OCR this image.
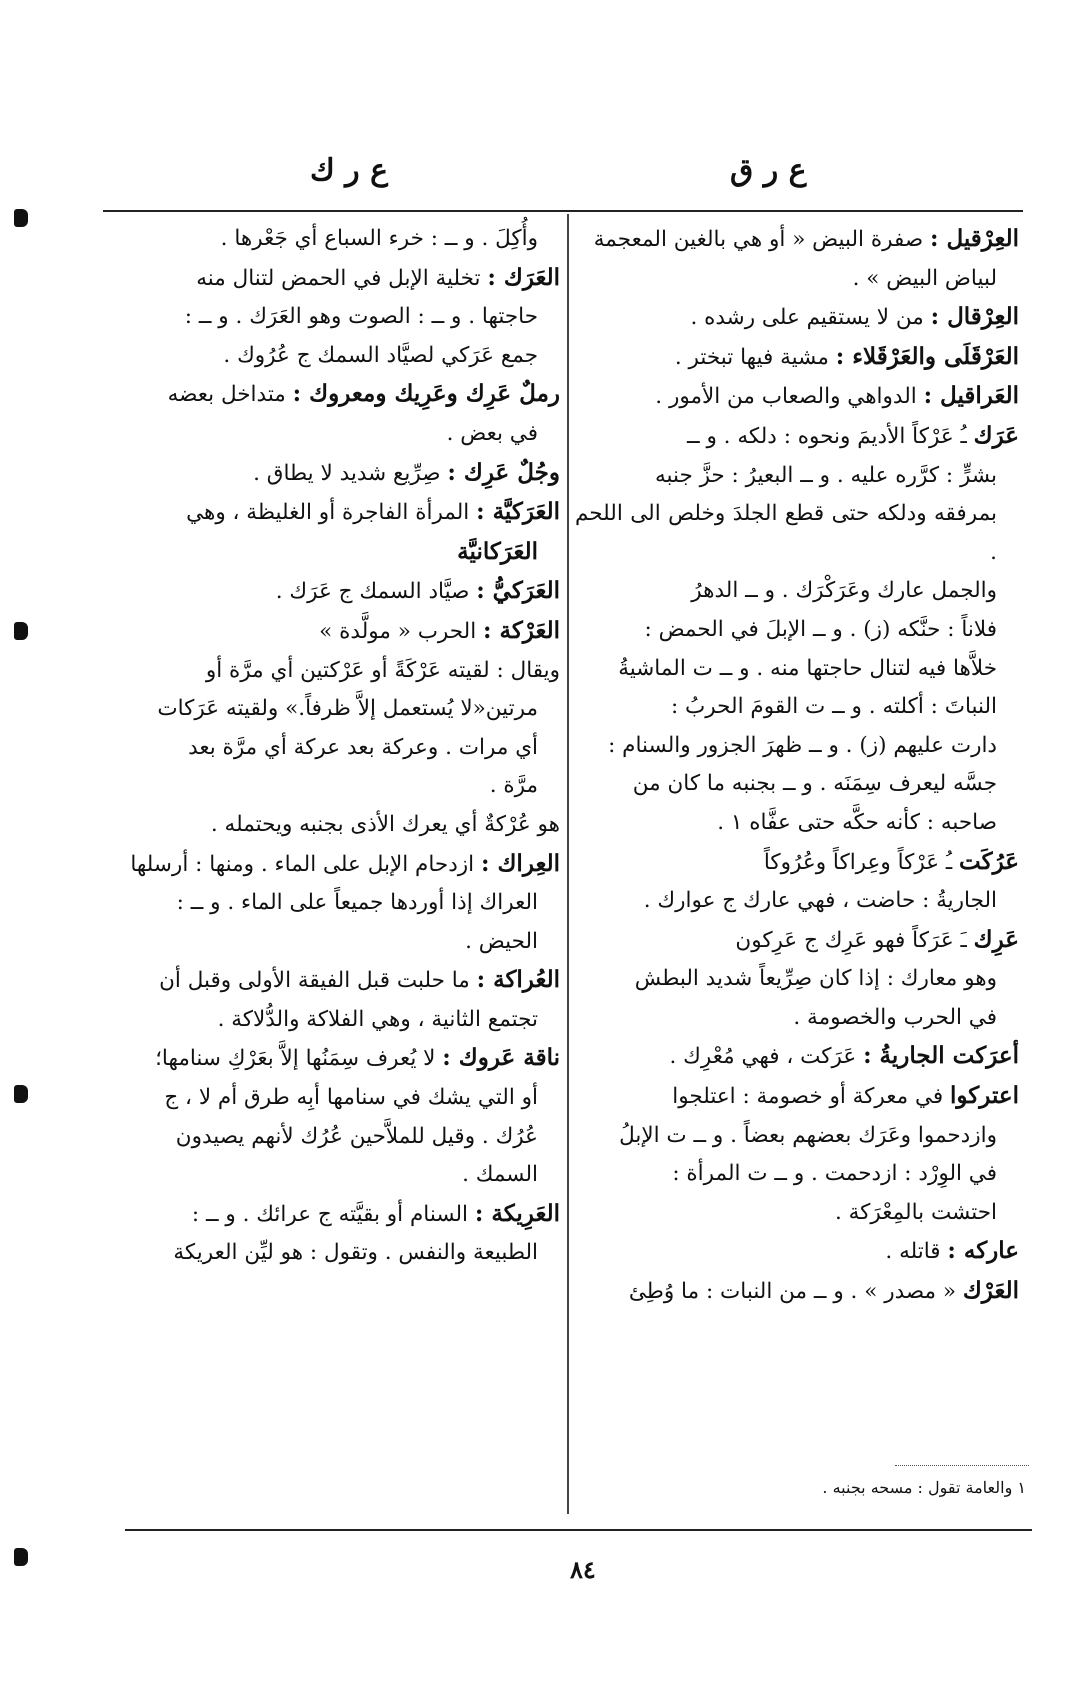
ع ر ق
ع ر ك

العِرْقيل : صفرة البيض « أو هي بالغين المعجمة

لبياض البيض » .

العِرْقال : من لا يستقيم على رشده .

العَرْقَلَى والعَرْقَلاء : مشية فيها تبختر .

العَراقيل : الدواهي والصعاب من الأمور .

عَرَك ـُ عَرْكاً الأديمَ ونحوه : دلكه . و ــ

بشرٍّ : كرَّره عليه . و ــ البعيرُ : حزَّ جنبه

بمرفقه ودلكه حتى قطع الجلدَ وخلص الى اللحم .

والجمل عارك وعَرَكْرَك . و ــ الدهرُ

فلاناً : حنَّكه (ز) . و ــ الإبلَ في الحمض :

خلاَّها فيه لتنال حاجتها منه . و ــ ت الماشيةُ

النباتَ : أكلته . و ــ ت القومَ الحربُ :

دارت عليهم (ز) . و ــ ظهرَ الجزور والسنام :

جسَّه ليعرف سِمَنَه . و ــ بجنبه ما كان من

صاحبه : كأنه حكَّه حتى عفَّاه ١ .

عَرُكَت ـُ عَرْكاً وعِراكاً وعُرُوكاً

الجاريةُ : حاضت ، فهي عارك ج عوارك .

عَرِك ـَ عَرَكاً فهو عَرِك ج عَرِكون

وهو معارك : إذا كان صِرِّيعاً شديد البطش

في الحرب والخصومة .

أعرَكت الجاريةُ : عَرَكت ، فهي مُعْرِك .

اعتركوا في معركة أو خصومة : اعتلجوا

وازدحموا وعَرَك بعضهم بعضاً . و ــ ت الإبلُ

في الوِرْد : ازدحمت . و ــ ت المرأة :

احتشت بالمِعْرَكة .

عاركه : قاتله .

العَرْك « مصدر » . و ــ من النبات : ما وُطِئ

وأُكِلَ . و ــ : خرء السباع أي جَعْرها .

العَرَك : تخلية الإبل في الحمض لتنال منه

حاجتها . و ــ : الصوت وهو العَرَك . و ــ :

جمع عَرَكي لصيَّاد السمك ج عُرُوك .

رملٌ عَرِك وعَرِيك ومعروك : متداخل بعضه

في بعض .

وجُلٌ عَرِك : صِرِّيع شديد لا يطاق .

العَرَكيَّة : المرأة الفاجرة أو الغليظة ، وهي

العَرَكانيَّة

العَرَكيُّ : صيَّاد السمك ج عَرَك .

العَرْكة : الحرب « مولَّدة »

ويقال : لقيته عَرْكَةً أو عَرْكتين أي مرَّة أو

مرتين«لا يُستعمل إلاَّ ظرفاً.» ولقيته عَرَكات

أي مرات . وعركة بعد عركة أي مرَّة بعد

مرَّة .

هو عُرْكةٌ أي يعرك الأذى بجنبه ويحتمله .

العِراك : ازدحام الإبل على الماء . ومنها : أرسلها

العراك إذا أوردها جميعاً على الماء . و ــ :

الحيض .

العُراكة : ما حلبت قبل الفيقة الأولى وقبل أن

تجتمع الثانية ، وهي الفلاكة والدُّلاكة .

ناقة عَروك : لا يُعرف سِمَنُها إلاَّ بعَرْكِ سنامها؛

أو التي يشك في سنامها أبِه طرق أم لا ، ج

عُرُك . وقيل للملاَّحين عُرُك لأنهم يصيدون

السمك .

العَرِيكة : السنام أو بقيَّته ج عرائك . و ــ :

الطبيعة والنفس . وتقول : هو ليِّن العريكة

١ والعامة تقول : مسحه بجنبه .
٨٤
